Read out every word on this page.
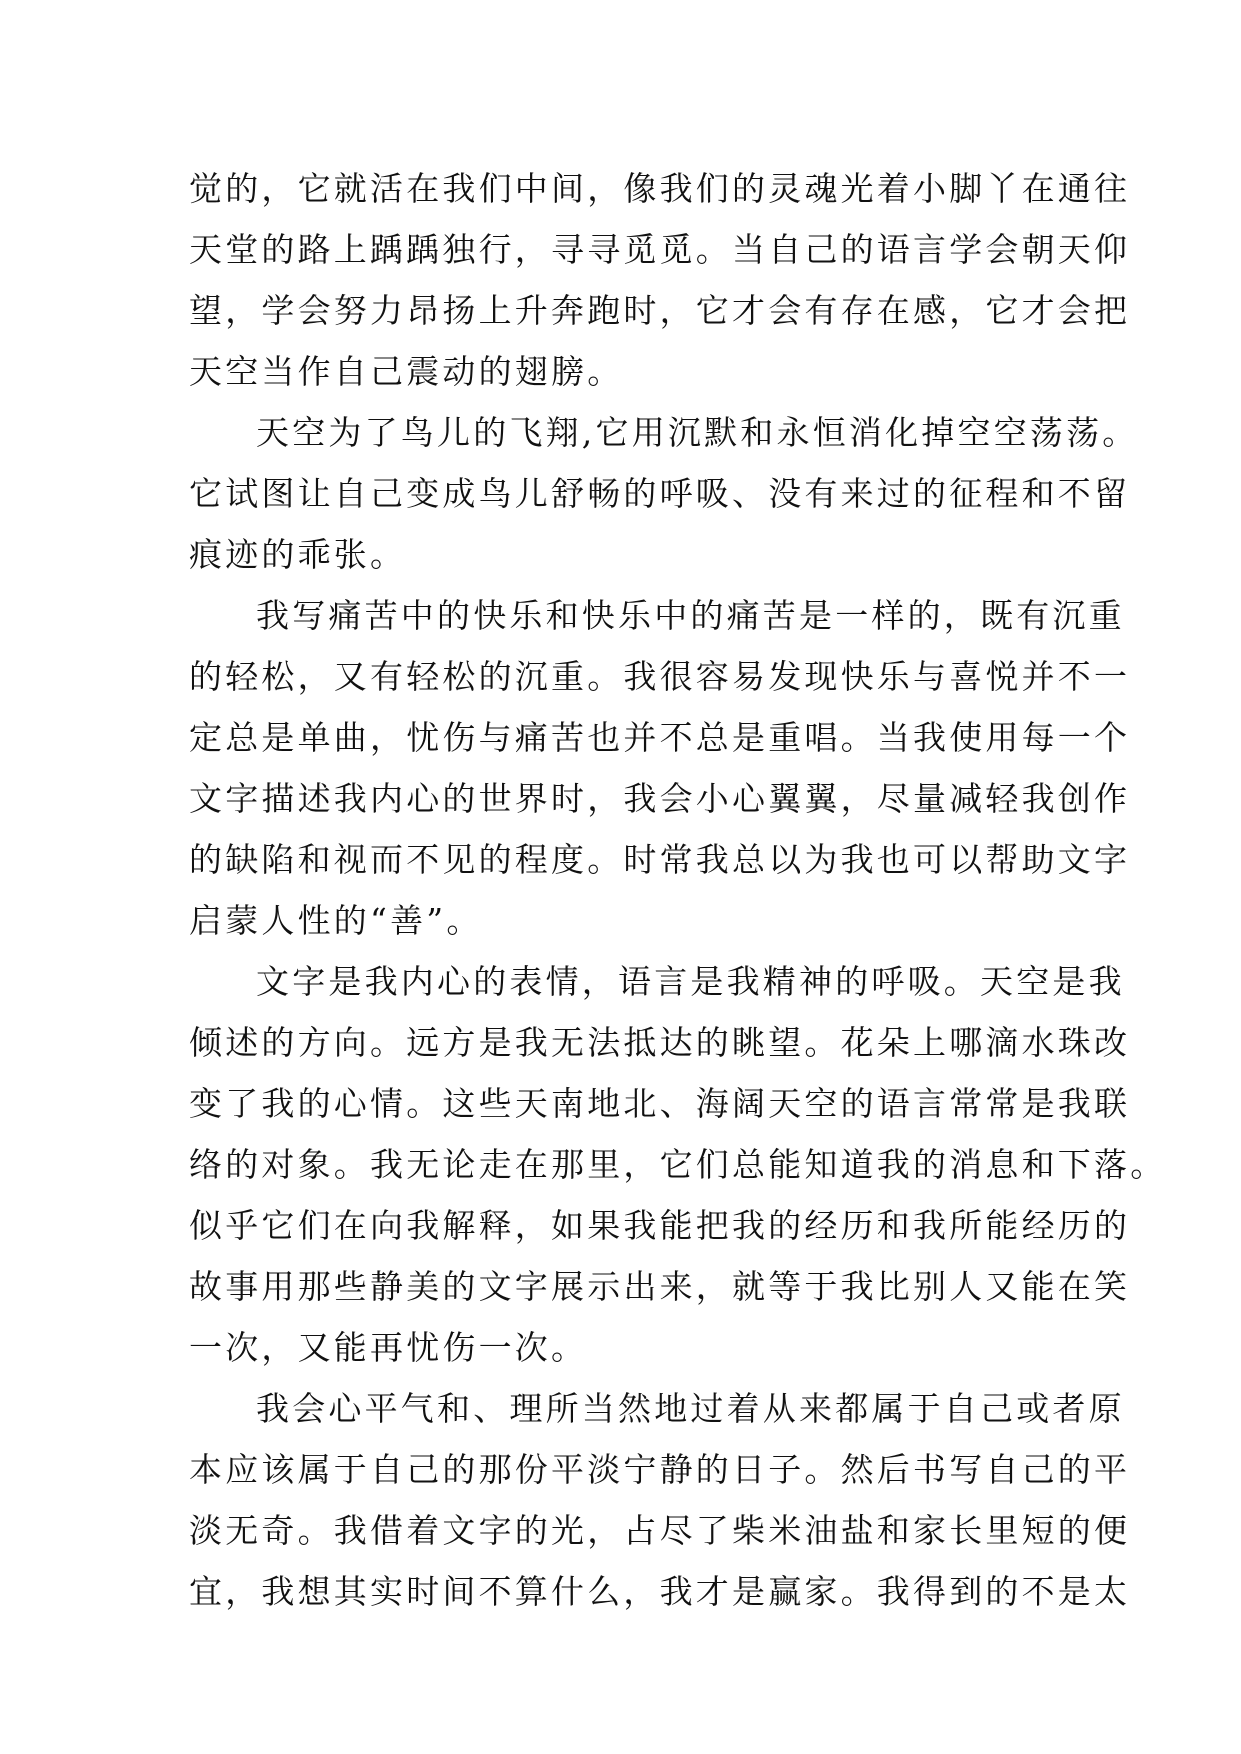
觉的，它就活在我们中间，像我们的灵魂光着小脚丫在通往
天堂的路上踽踽独行，寻寻觅觅。当自己的语言学会朝天仰
望，学会努力昂扬上升奔跑时，它才会有存在感，它才会把
天空当作自己震动的翅膀。
天空为了鸟儿的飞翔,它用沉默和永恒消化掉空空荡荡。
它试图让自己变成鸟儿舒畅的呼吸、没有来过的征程和不留
痕迹的乖张。
我写痛苦中的快乐和快乐中的痛苦是一样的，既有沉重
的轻松，又有轻松的沉重。我很容易发现快乐与喜悦并不一
定总是单曲，忧伤与痛苦也并不总是重唱。当我使用每一个
文字描述我内心的世界时，我会小心翼翼，尽量减轻我创作
的缺陷和视而不见的程度。时常我总以为我也可以帮助文字
启蒙人性的“善”。
文字是我内心的表情，语言是我精神的呼吸。天空是我
倾述的方向。远方是我无法抵达的眺望。花朵上哪滴水珠改
变了我的心情。这些天南地北、海阔天空的语言常常是我联
络的对象。我无论走在那里，它们总能知道我的消息和下落。
似乎它们在向我解释，如果我能把我的经历和我所能经历的
故事用那些静美的文字展示出来，就等于我比别人又能在笑
一次，又能再忧伤一次。
我会心平气和、理所当然地过着从来都属于自己或者原
本应该属于自己的那份平淡宁静的日子。然后书写自己的平
淡无奇。我借着文字的光，占尽了柴米油盐和家长里短的便
宜，我想其实时间不算什么，我才是赢家。我得到的不是太
